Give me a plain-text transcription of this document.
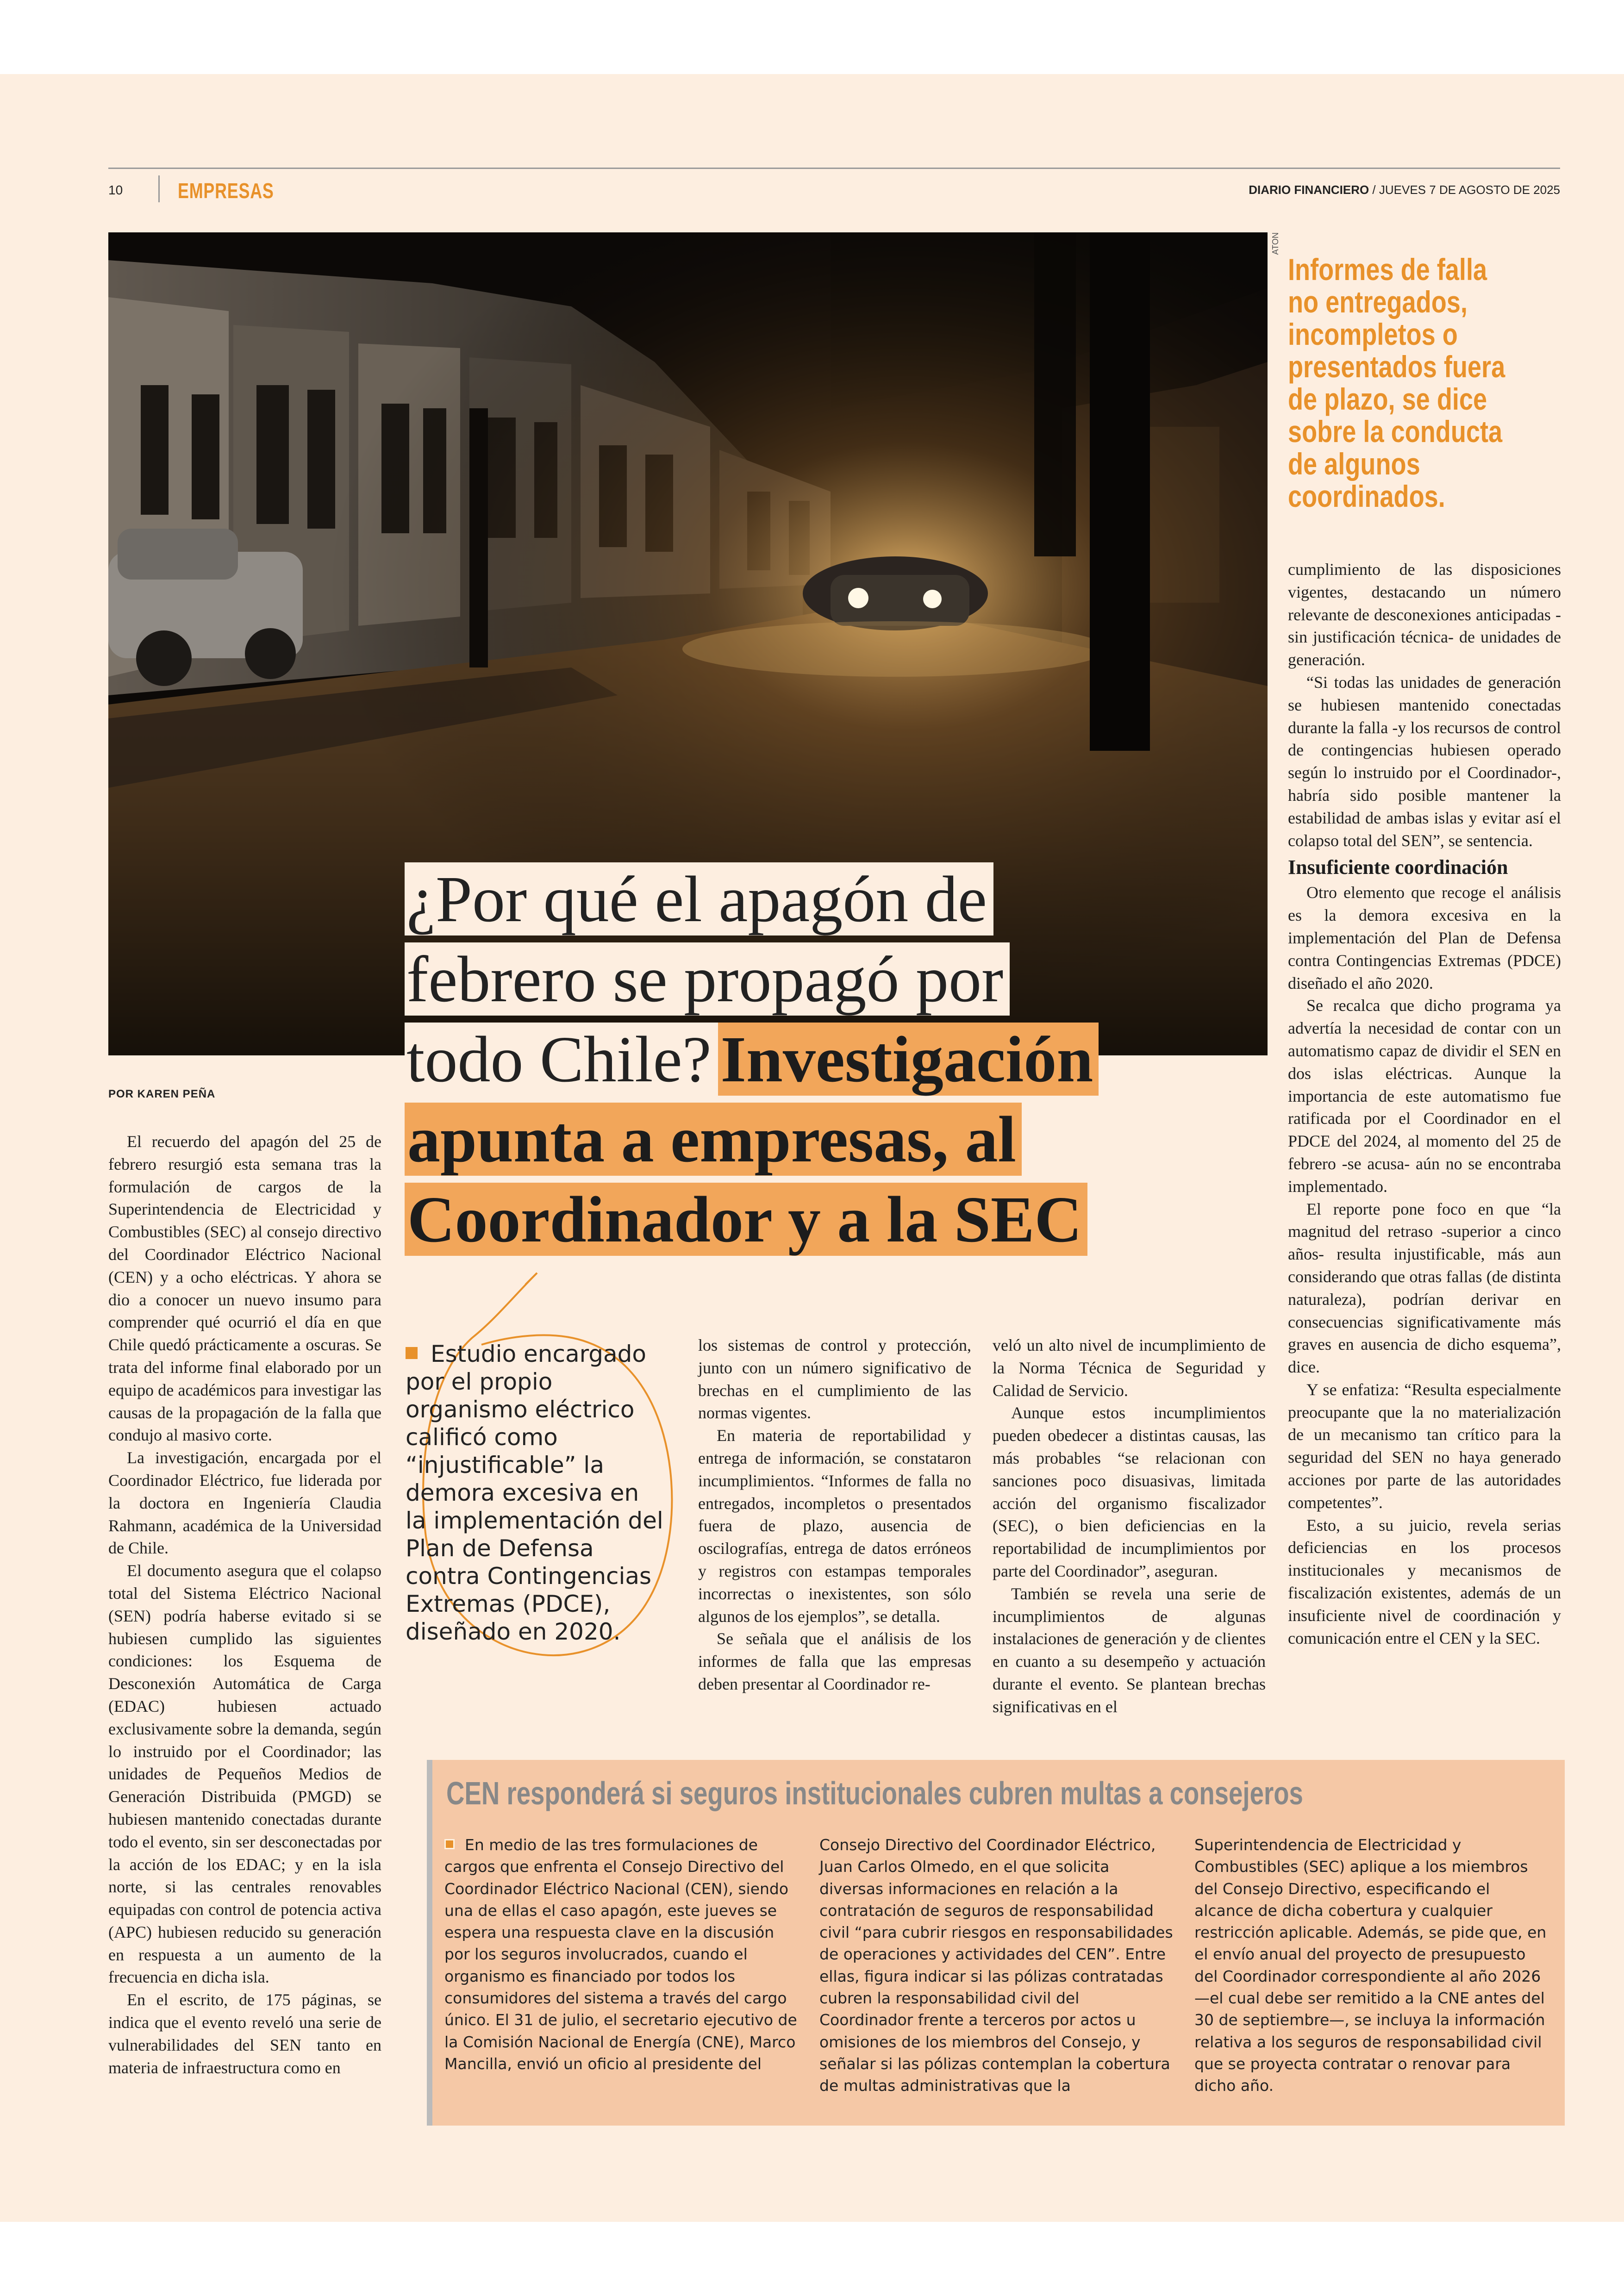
10	EMPRESAS	DIARIO FINANCIERO / JUEVES 7 DE AGOSTO DE 2025
ATON
Informes de falla no entregados, incompletos o presentados fuera de plazo, se dice sobre la conducta de algunos coordinados.
¿Por qué el apagón de
febrero se propagó por
todo Chile? Investigación
apunta a empresas, al
Coordinador y a la SEC
POR KAREN PEÑA
Estudio encargado por el propio organismo eléctrico calificó como “injustificable” la demora excesiva en la implementación del Plan de Defensa contra Contingencias Extremas (PDCE), diseñado en 2020.

El recuerdo del apagón del 25 de febrero resurgió esta semana tras la formulación de cargos de la Superintendencia de Electricidad y Combustibles (SEC) al consejo directivo del Coordinador Eléctrico Nacional (CEN) y a ocho eléctricas. Y ahora se dio a conocer un nuevo insumo para comprender qué ocurrió el día en que Chile quedó prácticamente a oscuras. Se trata del informe final elaborado por un equipo de académicos para investigar las causas de la propagación de la falla que condujo al masivo corte.

La investigación, encargada por el Coordinador Eléctrico, fue liderada por la doctora en Ingeniería Claudia Rahmann, académica de la Universidad de Chile.

El documento asegura que el colapso total del Sistema Eléctrico Nacional (SEN) podría haberse evitado si se hubiesen cumplido las siguientes condiciones: los Esquema de Desconexión Automática de Carga (EDAC) hubiesen actuado exclusivamente sobre la demanda, según lo instruido por el Coordinador; las unidades de Pequeños Medios de Generación Distribuida (PMGD) se hubiesen mantenido conectadas durante todo el evento, sin ser desconectadas por la acción de los EDAC; y en la isla norte, si las centrales renovables equipadas con control de potencia activa (APC) hubiesen reducido su generación en respuesta a un aumento de la frecuencia en dicha isla.

En el escrito, de 175 páginas, se indica que el evento reveló una serie de vulnerabilidades del SEN tanto en materia de infraestructura como en

los sistemas de control y protección, junto con un número significativo de brechas en el cumplimiento de las normas vigentes.

En materia de reportabilidad y entrega de información, se constataron incumplimientos. “Informes de falla no entregados, incompletos o presentados fuera de plazo, ausencia de oscilografías, entrega de datos erróneos y registros con estampas temporales incorrectas o inexistentes, son sólo algunos de los ejemplos”, se detalla.

Se señala que el análisis de los informes de falla que las empresas deben presentar al Coordinador re-

veló un alto nivel de incumplimiento de la Norma Técnica de Seguridad y Calidad de Servicio.

Aunque estos incumplimientos pueden obedecer a distintas causas, las más probables “se relacionan con sanciones poco disuasivas, limitada acción del organismo fiscalizador (SEC), o bien deficiencias en la reportabilidad de incumplimientos por parte del Coordinador”, aseguran.

También se revela una serie de incumplimientos de algunas instalaciones de generación y de clientes en cuanto a su desempeño y actuación durante el evento. Se plantean brechas significativas en el

cumplimiento de las disposiciones vigentes, destacando un número relevante de desconexiones anticipadas -sin justificación técnica- de unidades de generación.

“Si todas las unidades de generación se hubiesen mantenido conectadas durante la falla -y los recursos de control de contingencias hubiesen operado según lo instruido por el Coordinador-, habría sido posible mantener la estabilidad de ambas islas y evitar así el colapso total del SEN”, se sentencia.

Insuficiente coordinación

Otro elemento que recoge el análisis es la demora excesiva en la implementación del Plan de Defensa contra Contingencias Extremas (PDCE) diseñado el año 2020.

Se recalca que dicho programa ya advertía la necesidad de contar con un automatismo capaz de dividir el SEN en dos islas eléctricas. Aunque la importancia de este automatismo fue ratificada por el Coordinador en el PDCE del 2024, al momento del 25 de febrero -se acusa- aún no se encontraba implementado.

El reporte pone foco en que “la magnitud del retraso -superior a cinco años- resulta injustificable, más aun considerando que otras fallas (de distinta naturaleza), podrían derivar en consecuencias significativamente más graves en ausencia de dicho esquema”, dice.

Y se enfatiza: “Resulta especialmente preocupante que la no materialización de un mecanismo tan crítico para la seguridad del SEN no haya generado acciones por parte de las autoridades competentes”.

Esto, a su juicio, revela serias deficiencias en los procesos institucionales y mecanismos de fiscalización existentes, además de un insuficiente nivel de coordinación y comunicación entre el CEN y la SEC.

CEN responderá si seguros institucionales cubren multas a consejeros
En medio de las tres formulaciones de cargos que enfrenta el Consejo Directivo del Coordinador Eléctrico Nacional (CEN), siendo una de ellas el caso apagón, este jueves se espera una respuesta clave en la discusión por los seguros involucrados, cuando el organismo es financiado por todos los consumidores del sistema a través del cargo único. El 31 de julio, el secretario ejecutivo de la Comisión Nacional de Energía (CNE), Marco Mancilla, envió un oficio al presidente del
Consejo Directivo del Coordinador Eléctrico, Juan Carlos Olmedo, en el que solicita diversas informaciones en relación a la contratación de seguros de responsabilidad civil “para cubrir riesgos en responsabilidades de operaciones y actividades del CEN”. Entre ellas, figura indicar si las pólizas contratadas cubren la responsabilidad civil del Coordinador frente a terceros por actos u omisiones de los miembros del Consejo, y señalar si las pólizas contemplan la cobertura de multas administrativas que la
Superintendencia de Electricidad y Combustibles (SEC) aplique a los miembros del Consejo Directivo, especificando el alcance de dicha cobertura y cualquier restricción aplicable. Además, se pide que, en el envío anual del proyecto de presupuesto del Coordinador correspondiente al año 2026 —el cual debe ser remitido a la CNE antes del 30 de septiembre—, se incluya la información relativa a los seguros de responsabilidad civil que se proyecta contratar o renovar para dicho año.
